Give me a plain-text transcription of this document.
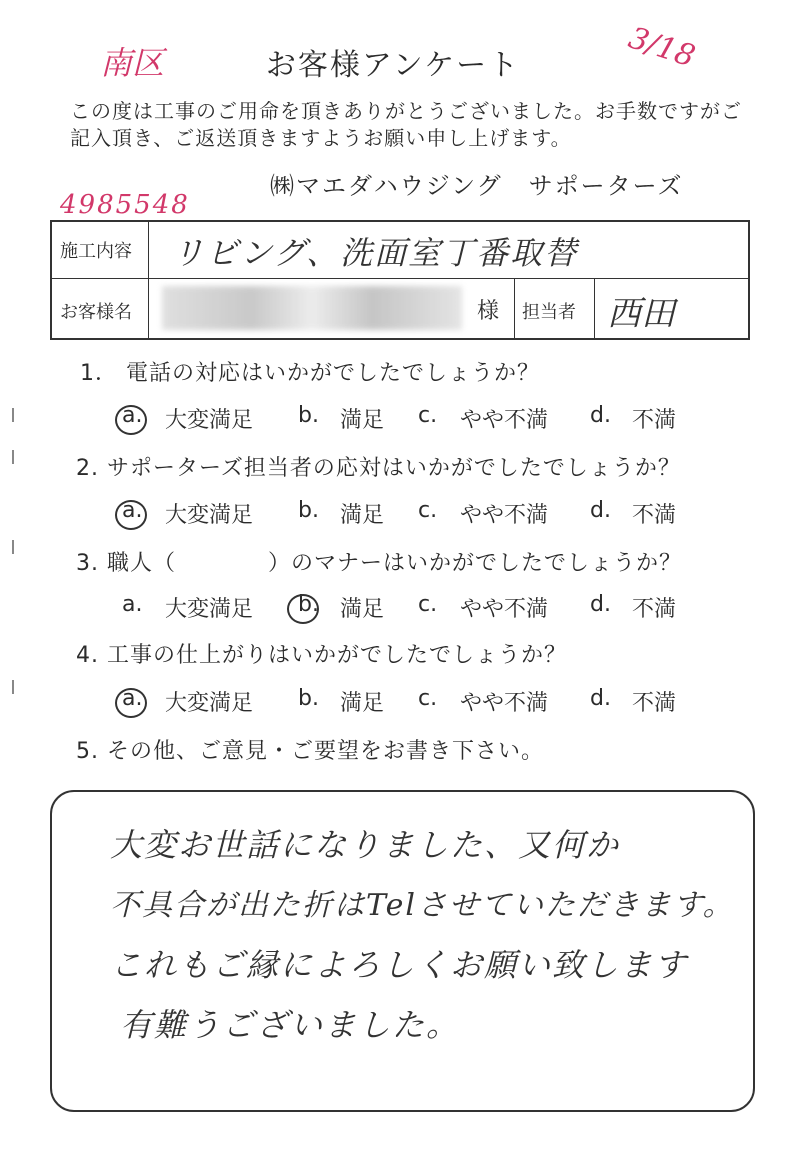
お客様アンケート
南区	3/18
この度は工事のご用命を頂きありがとうございました。お手数ですがご記入頂き、ご返送頂きますようお願い申し上げます。
㈱マエダハウジング　サポーターズ
4985548
施工内容 リビング、洗面室丁番取替
お客様名	様 担当者 西田
1． 電話の対応はいかがでしたでしょうか？
2. サポーターズ担当者の応対はいかがでしたでしょうか？
3. 職人（　　　　）のマナーはいかがでしたでしょうか？
4. 工事の仕上がりはいかがでしたでしょうか？
a. 大変満足 b. 満足 c. やや不満 d. 不満
a. 大変満足 b. 満足 c. やや不満 d. 不満
a. 大変満足 b. 満足 c. やや不満 d. 不満
a. 大変満足 b. 満足 c. やや不満 d. 不満
5. その他、ご意見・ご要望をお書き下さい。
大変お世話になりました、又何か
不具合が出た折はTelさせていただきます。
これもご縁によろしくお願い致します
有難うございました。
